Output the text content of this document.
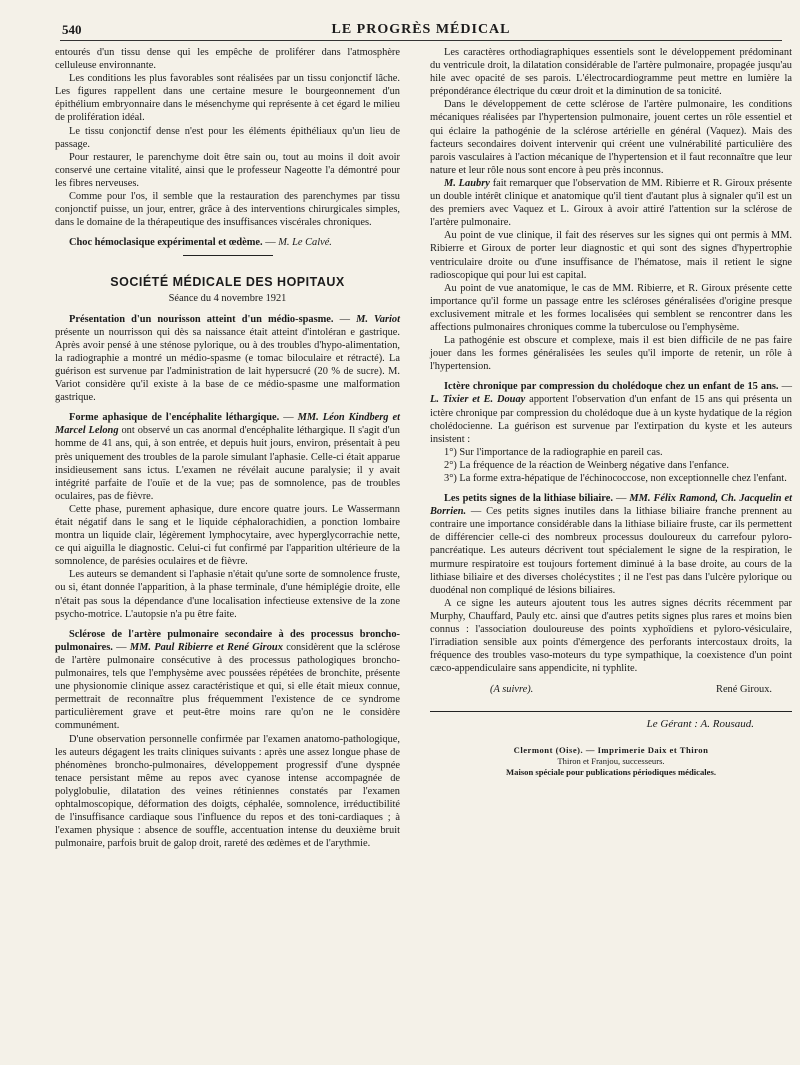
540	LE PROGRÈS MÉDICAL

entourés d'un tissu dense qui les empêche de proliférer dans l'atmosphère celluleuse environnante.

Les conditions les plus favorables sont réalisées par un tissu conjonctif lâche. Les figures rappellent dans une certaine mesure le bourgeonnement d'un épithélium embryonnaire dans le mésenchyme qui représente à cet égard le milieu de prolifération idéal.

Le tissu conjonctif dense n'est pour les éléments épithéliaux qu'un lieu de passage.

Pour restaurer, le parenchyme doit être sain ou, tout au moins il doit avoir conservé une certaine vitalité, ainsi que le professeur Nageotte l'a démontré pour les fibres nerveuses.

Comme pour l'os, il semble que la restauration des parenchymes par tissu conjonctif puisse, un jour, entrer, grâce à des interventions chirurgicales simples, dans le domaine de la thérapeutique des insuffisances viscérales chroniques.

Choc hémoclasique expérimental et œdème. — M. Le Calvé.

SOCIÉTÉ MÉDICALE DES HOPITAUX
Séance du 4 novembre 1921

Présentation d'un nourisson atteint d'un médio-spasme. — M. Variot présente un nourrisson qui dès sa naissance était atteint d'intoléran e gastrique. Après avoir pensé à une sténose pylorique, ou à des troubles d'hypo-alimentation, la radiographie a montré un médio-spasme (e tomac biloculaire et rétracté). La guérison est survenue par l'administration de lait hypersucré (20 % de sucre). M. Variot considère qu'il existe à la base de ce médio-spasme une malformation gastrique.

Forme aphasique de l'encéphalite léthargique. — MM. Léon Kindberg et Marcel Lelong ont observé un cas anormal d'encéphalite léthargique. Il s'agit d'un homme de 41 ans, qui, à son entrée, et depuis huit jours, environ, présentait à peu près uniquement des troubles de la parole simulant l'aphasie. Celle-ci était apparue insidieusement sans ictus. L'examen ne révélait aucune paralysie; il y avait intégrité parfaite de l'ouïe et de la vue; pas de somnolence, pas de troubles oculaires, pas de fièvre.

Cette phase, purement aphasique, dure encore quatre jours. Le Wassermann était négatif dans le sang et le liquide céphalorachidien, a ponction lombaire montra un liquide clair, légèrement lymphocytaire, avec hyperglycorrachie nette, ce qui aiguilla le diagnostic. Celui-ci fut confirmé par l'apparition ultérieure de la somnolence, de parésies oculaires et de fièvre.

Les auteurs se demandent si l'aphasie n'était qu'une sorte de somnolence fruste, ou si, étant donnée l'apparition, à la phase terminale, d'une hémiplégie droite, elle n'était pas sous la dépendance d'une localisation infectieuse extensive de la zone psycho-motrice. L'autopsie n'a pu être faite.

Sclérose de l'artère pulmonaire secondaire à des processus broncho-pulmonaires. — MM. Paul Ribierre et René Giroux considèrent que la sclérose de l'artère pulmonaire consécutive à des processus pathologiques broncho-pulmonaires, tels que l'emphysème avec poussées répétées de bronchite, présente une physionomie clinique assez caractéristique et qui, si elle était mieux connue, permettrait de reconnaître plus fréquemment l'existence de ce syndrome particulièrement grave et peut-être moins rare qu'on ne le considère communément.

D'une observation personnelle confirmée par l'examen anatomo-pathologique, les auteurs dégagent les traits cliniques suivants : après une assez longue phase de phénomènes broncho-pulmonaires, développement progressif d'une dyspnée tenace persistant même au repos avec cyanose intense accompagnée de polyglobulie, dilatation des veines rétiniennes constatés par l'examen ophtalmoscopique, déformation des doigts, céphalée, somnolence, irréductibilité de l'insuffisance cardiaque sous l'influence du repos et des toni-cardiaques ; à l'examen physique : absence de souffle, accentuation intense du deuxième bruit pulmonaire, parfois bruit de galop droit, rareté des œdèmes et de l'arythmie.

Les caractères orthodiagraphiques essentiels sont le développement prédominant du ventricule droit, la dilatation considérable de l'artère pulmonaire, propagée jusqu'au hile avec opacité de ses parois. L'électrocardiogramme peut mettre en lumière la prépondérance électrique du cœur droit et la diminution de sa tonicité.

Dans le développement de cette sclérose de l'artère pulmonaire, les conditions mécaniques réalisées par l'hypertension pulmonaire, jouent certes un rôle essentiel et qui éclaire la pathogénie de la sclérose artérielle en général (Vaquez). Mais des facteurs secondaires doivent intervenir qui créent une vulnérabilité particulière des parois vasculaires à l'action mécanique de l'hypertension et il faut reconnaître que leur nature et leur rôle nous sont encore à peu près inconnus.

M. Laubry fait remarquer que l'observation de MM. Ribierre et R. Giroux présente un double intérêt clinique et anatomique qu'il tient d'autant plus à signaler qu'il est un des premiers avec Vaquez et L. Giroux à avoir attiré l'attention sur la sclérose de l'artère pulmonaire.

Au point de vue clinique, il fait des réserves sur les signes qui ont permis à MM. Ribierre et Giroux de porter leur diagnostic et qui sont des signes d'hypertrophie ventriculaire droite ou d'une insuffisance de l'hématose, mais il retient le signe radioscopique qui pour lui est capital.

Au point de vue anatomique, le cas de MM. Ribierre, et R. Giroux présente cette importance qu'il forme un passage entre les scléroses généralisées d'origine presque exclusivement mitrale et les formes localisées qui semblent se rencontrer dans les affections pulmonaires chroniques comme la tuberculose ou l'emphysème.

La pathogénie est obscure et complexe, mais il est bien difficile de ne pas faire jouer dans les formes généralisées les seules qu'il importe de retenir, un rôle à l'hypertension.

Ictère chronique par compression du cholédoque chez un enfant de 15 ans. — L. Tixier et E. Douay apportent l'observation d'un enfant de 15 ans qui présenta un ictère chronique par compression du cholédoque due à un kyste hydatique de la région cholédocienne. La guérison est survenue par l'extirpation du kyste et les auteurs insistent :

1°) Sur l'importance de la radiographie en pareil cas.

2°) La fréquence de la réaction de Weinberg négative dans l'enfance.

3°) La forme extra-hépatique de l'échinococcose, non exceptionnelle chez l'enfant.

Les petits signes de la lithiase biliaire. — MM. Félix Ramond, Ch. Jacquelin et Borrien. — Ces petits signes inutiles dans la lithiase biliaire franche prennent au contraire une importance considérable dans la lithiase biliaire fruste, car ils permettent de différencier celle-ci des nombreux processus douloureux du carrefour pyloro-pancréatique. Les auteurs décrivent tout spécialement le signe de la respiration, le murmure respiratoire est toujours fortement diminué à la base droite, au cours de la lithiase biliaire et des diverses cholécystites ; il ne l'est pas dans l'ulcère pylorique ou duodénal non compliqué de lésions biliaires.

A ce signe les auteurs ajoutent tous les autres signes décrits récemment par Murphy, Chauffard, Pauly etc. ainsi que d'autres petits signes plus rares et moins bien connus : l'association douloureuse des points xyphoïdiens et pyloro-vésiculaire, l'irradiation sensible aux points d'émergence des perforants intercostaux droits, la fréquence des troubles vaso-moteurs du type sympathique, la coexistence d'un point cæco-appendiculaire sans appendicite, ni typhlite.

(A suivre).	René Giroux.
Le Gérant : A. Rousaud.
Clermont (Oise). — Imprimerie Daix et Thiron
Thiron et Franjou, successeurs.
Maison spéciale pour publications périodiques médicales.
